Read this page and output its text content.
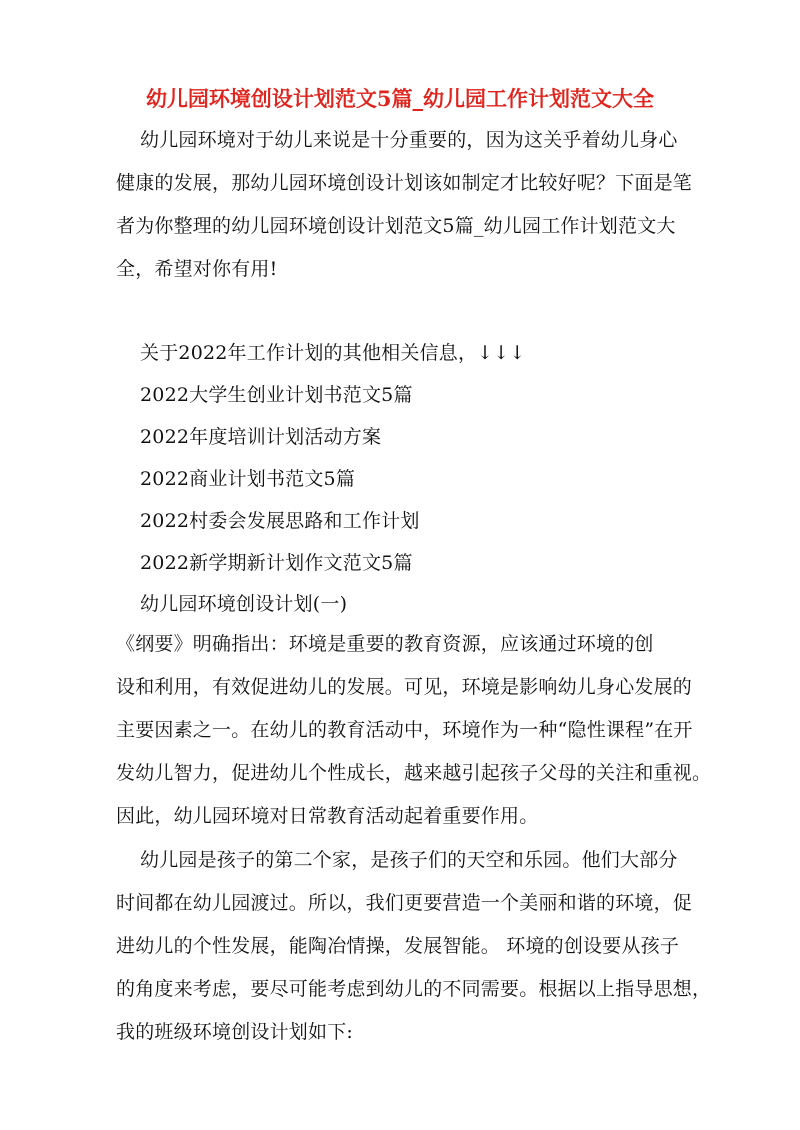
幼儿园环境创设计划范文5篇_幼儿园工作计划范文大全
幼儿园环境对于幼儿来说是十分重要的，因为这关乎着幼儿身心
健康的发展，那幼儿园环境创设计划该如制定才比较好呢？下面是笔
者为你整理的幼儿园环境创设计划范文5篇_幼儿园工作计划范文大
全，希望对你有用!
关于2022年工作计划的其他相关信息，↓↓↓
2022大学生创业计划书范文5篇
2022年度培训计划活动方案
2022商业计划书范文5篇
2022村委会发展思路和工作计划
2022新学期新计划作文范文5篇
幼儿园环境创设计划(一)
《纲要》明确指出：环境是重要的教育资源，应该通过环境的创
设和利用，有效促进幼儿的发展。可见，环境是影响幼儿身心发展的
主要因素之一。在幼儿的教育活动中，环境作为一种“隐性课程”在开
发幼儿智力，促进幼儿个性成长，越来越引起孩子父母的关注和重视。
因此，幼儿园环境对日常教育活动起着重要作用。
幼儿园是孩子的第二个家，是孩子们的天空和乐园。他们大部分
时间都在幼儿园渡过。所以，我们更要营造一个美丽和谐的环境，促
进幼儿的个性发展，能陶冶情操，发展智能。 环境的创设要从孩子
的角度来考虑，要尽可能考虑到幼儿的不同需要。根据以上指导思想，
我的班级环境创设计划如下:
